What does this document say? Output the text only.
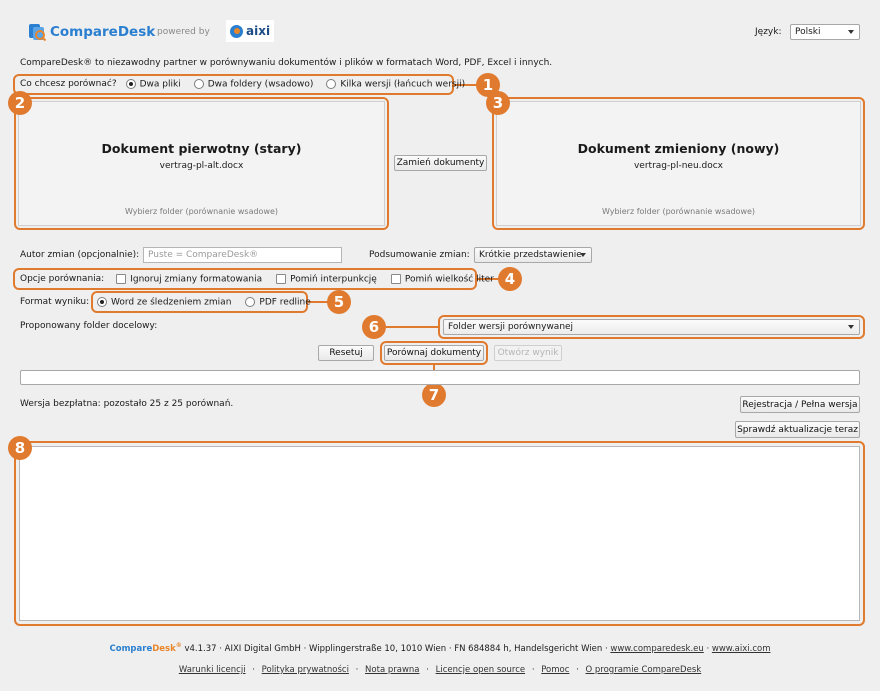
CompareDesk powered by	aixi	Język: Polski
CompareDesk® to niezawodny partner w porównywaniu dokumentów i plików w formatach Word, PDF, Excel i innych.
Co chcesz porównać?	Dwa pliki	Dwa foldery (wsadowo)	Kilka wersji (łańcuch wersji)	1
Dokument pierwotny (stary)
vertrag-pl-alt.docx
Wybierz folder (porównanie wsadowe)
2
Zamień dokumenty
Dokument zmieniony (nowy)
vertrag-pl-neu.docx
Wybierz folder (porównanie wsadowe)
3
Autor zmian (opcjonalnie): Puste = CompareDesk®	Podsumowanie zmian: Krótkie przedstawienie
Opcje porównania:	Ignoruj zmiany formatowania	Pomiń interpunkcję	Pomiń wielkość liter 4
Format wyniku:	Word ze śledzeniem zmian	PDF redline	5
Proponowany folder docelowy:	6	Folder wersji porównywanej
Resetuj	Porównaj dokumenty	Otwórz wynik
7
Wersja bezpłatna: pozostało 25 z 25 porównań.	Rejestracja / Pełna wersja
Sprawdź aktualizacje teraz
8
CompareDesk® v4.1.37 · AIXI Digital GmbH · Wipplingerstraße 10, 1010 Wien · FN 684884 h, Handelsgericht Wien · www.comparedesk.eu · www.aixi.com
Warunki licencji · Polityka prywatności · Nota prawna · Licencje open source · Pomoc · O programie CompareDesk
